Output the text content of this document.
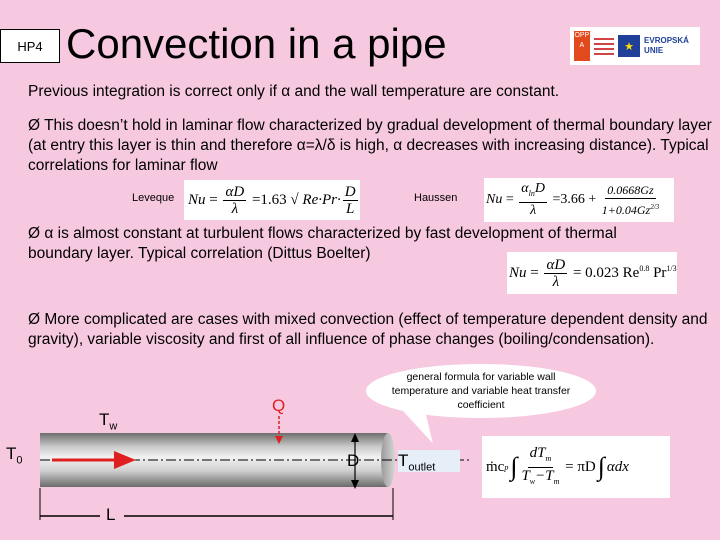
HP4 Convection in a pipe	OPP A	★	EVROPSKÁ UNIE
Previous integration is correct only if α and the wall temperature are constant.
Ø This doesn’t hold in laminar flow characterized by gradual development of thermal boundary layer (at entry this layer is thin and therefore α=λ/δ is high, α decreases with increasing distance). Typical correlations for laminar flow
Leveque $Nu = \frac{\alpha D}{\lambda} =1.63$ √ $Re\cdot Pr\cdot \frac{D}{L}$	Haussen $Nu = \frac{\alpha_{ln}D}{\lambda} =3.66 + \frac{0.0668Gz}{1+0.04Gz^{2/3}}$
Ø α is almost constant at turbulent flows characterized by fast development of thermal boundary layer. Typical correlation (Dittus Boelter)
$Nu = \frac{\alpha D}{\lambda} = 0.023$ $Re^{0.8}$ $Pr^{1/3}$
Ø More complicated are cases with mixed convection (effect of temperature dependent density and gravity), variable viscosity and first of all influence of phase changes (boiling/condensation).
general formula for variable wall temperature and variable heat transfer coefficient
$T_w$
$T_0$
Q
D
L
$T_{outlet}$	ṁc p ∫ $\frac{dT_m}{T_w-T_m} = \pi D$ ∫ αdx
